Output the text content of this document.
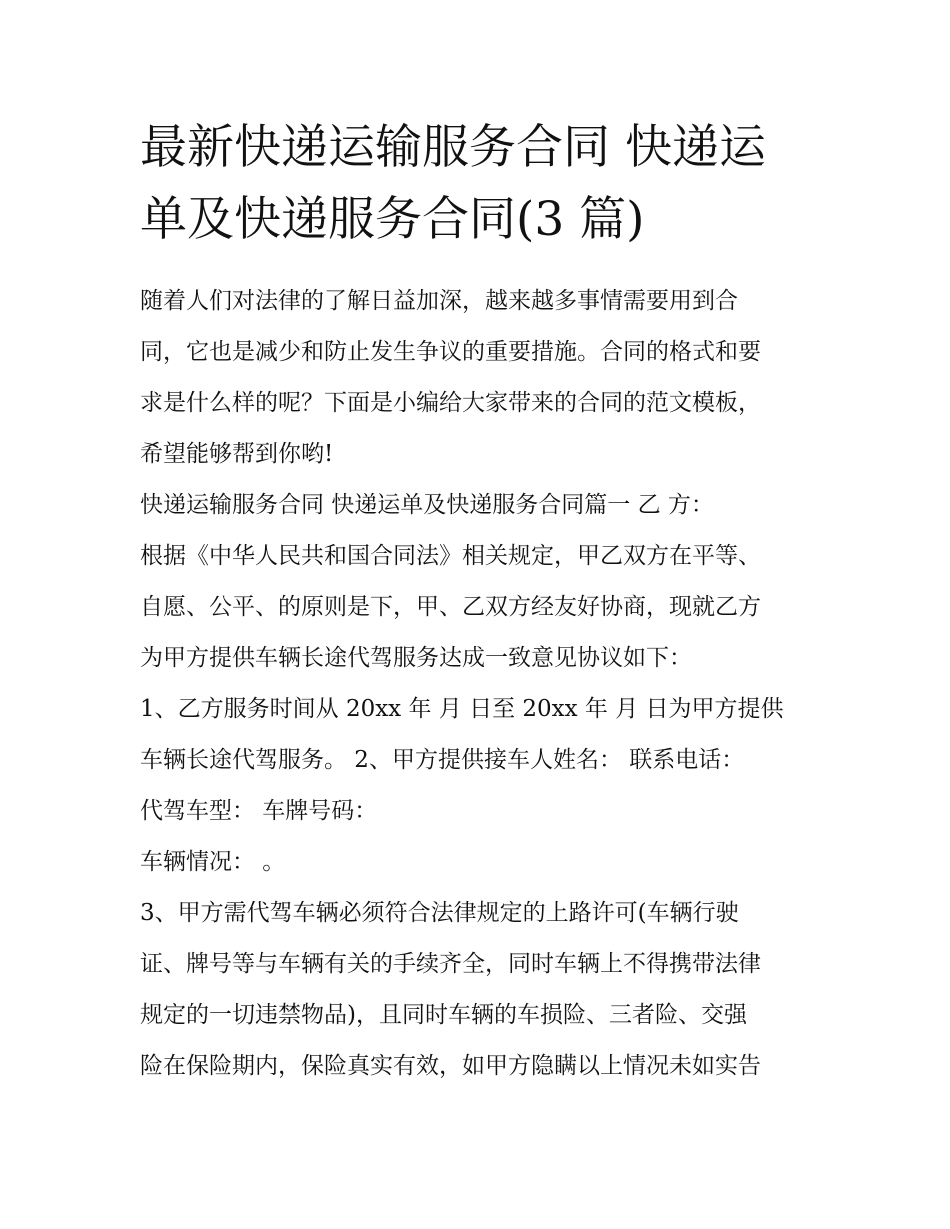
最新快递运输服务合同 快递运
单及快递服务合同(3 篇)
随着人们对法律的了解日益加深，越来越多事情需要用到合
同，它也是减少和防止发生争议的重要措施。合同的格式和要
求是什么样的呢？下面是小编给大家带来的合同的范文模板，
希望能够帮到你哟!
快递运输服务合同 快递运单及快递服务合同篇一 乙 方：
根据《中华人民共和国合同法》相关规定，甲乙双方在平等、
自愿、公平、的原则是下，甲、乙双方经友好协商，现就乙方
为甲方提供车辆长途代驾服务达成一致意见协议如下：
1、乙方服务时间从 20xx 年 月 日至 20xx 年 月 日为甲方提供
车辆长途代驾服务。 2、甲方提供接车人姓名： 联系电话：
代驾车型： 车牌号码：
车辆情况： 。
3、甲方需代驾车辆必须符合法律规定的上路许可(车辆行驶
证、牌号等与车辆有关的手续齐全，同时车辆上不得携带法律
规定的一切违禁物品)，且同时车辆的车损险、三者险、交强
险在保险期内，保险真实有效，如甲方隐瞒以上情况未如实告
